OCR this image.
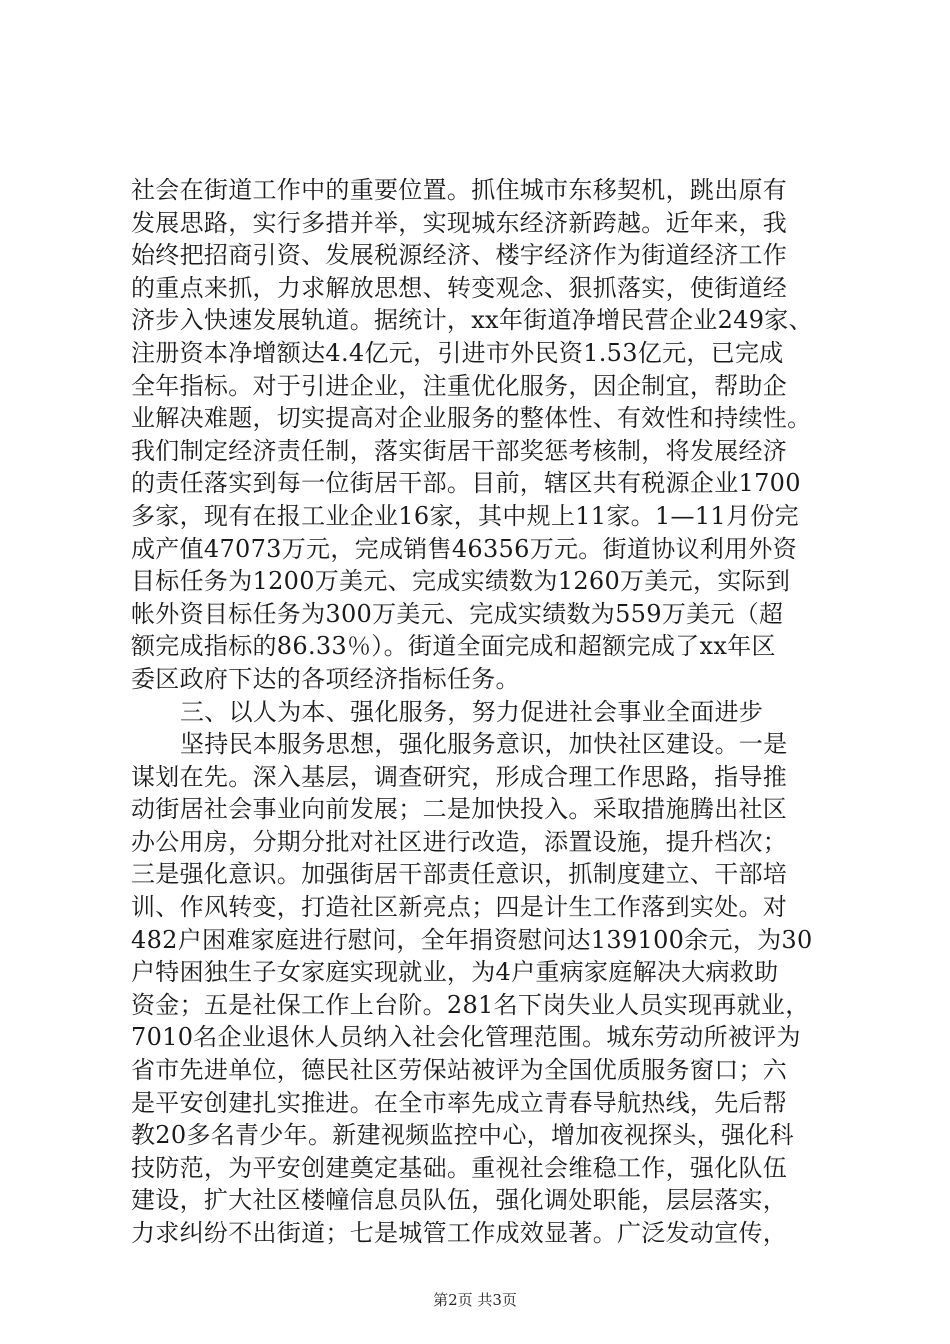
社会在街道工作中的重要位置。抓住城市东移契机，跳出原有
发展思路，实行多措并举，实现城东经济新跨越。近年来，我
始终把招商引资、发展税源经济、楼宇经济作为街道经济工作
的重点来抓，力求解放思想、转变观念、狠抓落实，使街道经
济步入快速发展轨道。据统计，xx年街道净增民营企业249家、
注册资本净增额达4.4亿元，引进市外民资1.53亿元，已完成
全年指标。对于引进企业，注重优化服务，因企制宜，帮助企
业解决难题，切实提高对企业服务的整体性、有效性和持续性。
我们制定经济责任制，落实街居干部奖惩考核制，将发展经济
的责任落实到每一位街居干部。目前，辖区共有税源企业1700
多家，现有在报工业企业16家，其中规上11家。1—11月份完
成产值47073万元，完成销售46356万元。街道协议利用外资
目标任务为1200万美元、完成实绩数为1260万美元，实际到
帐外资目标任务为300万美元、完成实绩数为559万美元（超
额完成指标的86.33％）。街道全面完成和超额完成了xx年区
委区政府下达的各项经济指标任务。
三、以人为本、强化服务，努力促进社会事业全面进步
坚持民本服务思想，强化服务意识，加快社区建设。一是
谋划在先。深入基层，调查研究，形成合理工作思路，指导推
动街居社会事业向前发展；二是加快投入。采取措施腾出社区
办公用房，分期分批对社区进行改造，添置设施，提升档次；
三是强化意识。加强街居干部责任意识，抓制度建立、干部培
训、作风转变，打造社区新亮点；四是计生工作落到实处。对
482户困难家庭进行慰问，全年捐资慰问达139100余元，为30
户特困独生子女家庭实现就业，为4户重病家庭解决大病救助
资金；五是社保工作上台阶。281名下岗失业人员实现再就业，
7010名企业退休人员纳入社会化管理范围。城东劳动所被评为
省市先进单位，德民社区劳保站被评为全国优质服务窗口；六
是平安创建扎实推进。在全市率先成立青春导航热线，先后帮
教20多名青少年。新建视频监控中心，增加夜视探头，强化科
技防范，为平安创建奠定基础。重视社会维稳工作，强化队伍
建设，扩大社区楼幢信息员队伍，强化调处职能，层层落实，
力求纠纷不出街道；七是城管工作成效显著。广泛发动宣传，
第2页 共3页
